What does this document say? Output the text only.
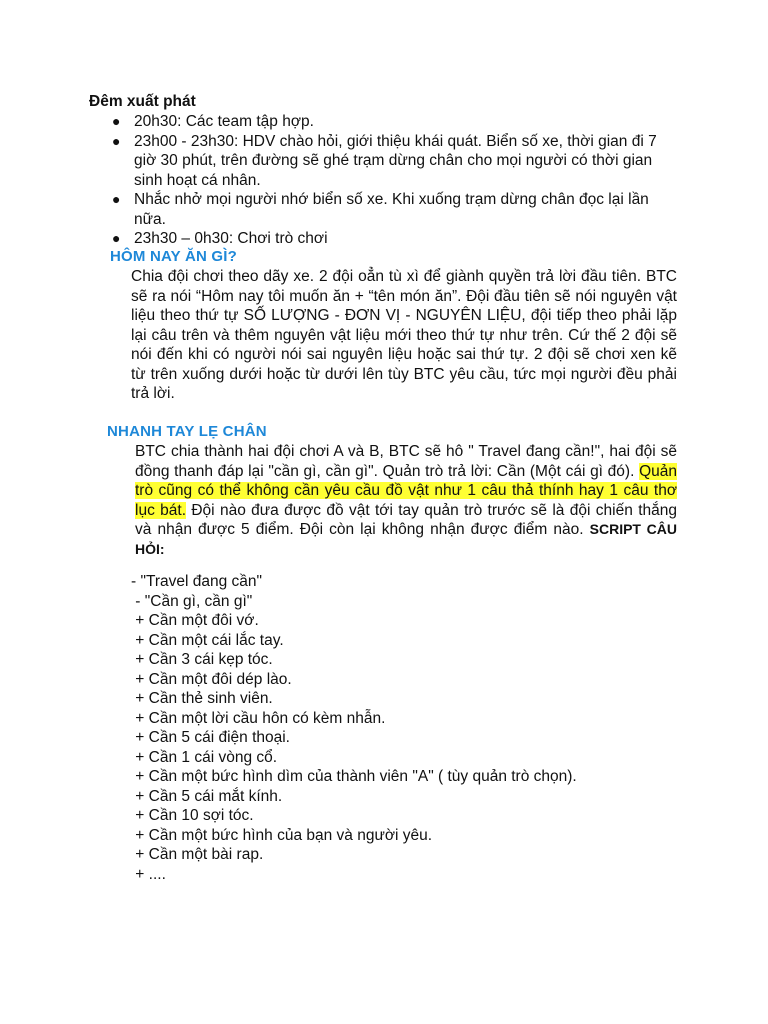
Đêm xuất phát
● 20h30: Các team tập hợp.
● 23h00 - 23h30: HDV chào hỏi, giới thiệu khái quát. Biển số xe, thời gian đi 7 giờ 30 phút, trên đường sẽ ghé trạm dừng chân cho mọi người có thời gian sinh hoạt cá nhân.
● Nhắc nhở mọi người nhớ biển số xe. Khi xuống trạm dừng chân đọc lại lần nữa.
● 23h30 – 0h30: Chơi trò chơi
HÔM NAY ĂN GÌ?
Chia đội chơi theo dãy xe. 2 đội oẳn tù xì để giành quyền trả lời đầu tiên. BTC sẽ ra nói “Hôm nay tôi muốn ăn + “tên món ăn”. Đội đầu tiên sẽ nói nguyên vật liệu theo thứ tự SỐ LƯỢNG - ĐƠN VỊ - NGUYÊN LIỆU, đội tiếp theo phải lặp lại câu trên và thêm nguyên vật liệu mới theo thứ tự như trên. Cứ thế 2 đội sẽ nói đến khi có người nói sai nguyên liệu hoặc sai thứ tự. 2 đội sẽ chơi xen kẽ từ trên xuống dưới hoặc từ dưới lên tùy BTC yêu cầu, tức mọi người đều phải trả lời.
NHANH TAY LẸ CHÂN
BTC chia thành hai đội chơi A và B, BTC sẽ hô " Travel đang cần!", hai đội sẽ đồng thanh đáp lại "cần gì, cần gì". Quản trò trả lời: Cần (Một cái gì đó). Quản trò cũng có thể không cần yêu cầu đồ vật như 1 câu thả thính hay 1 câu thơ lục bát. Đội nào đưa được đồ vật tới tay quản trò trước sẽ là đội chiến thắng và nhận được 5 điểm. Đội còn lại không nhận được điểm nào. SCRIPT CÂU HỎI:
- "Travel đang cần"
- "Cần gì, cần gì"
+ Cần một đôi vớ.
+ Cần một cái lắc tay.
+ Cần 3 cái kẹp tóc.
+ Cần một đôi dép lào.
+ Cần thẻ sinh viên.
+ Cần một lời cầu hôn có kèm nhẫn.
+ Cần 5 cái điện thoại.
+ Cần 1 cái vòng cổ.
+ Cần một bức hình dìm của thành viên "A" ( tùy quản trò chọn).
+ Cần 5 cái mắt kính.
+ Cần 10 sợi tóc.
+ Cần một bức hình của bạn và người yêu.
+ Cần một bài rap.
+ ....
